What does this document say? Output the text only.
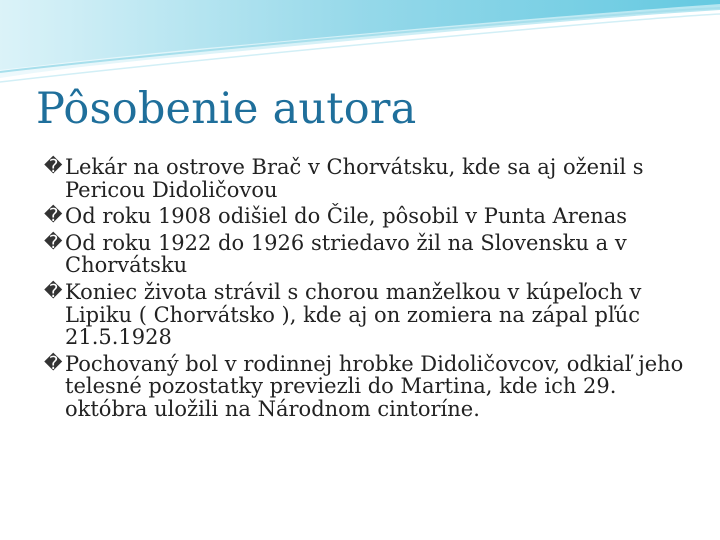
Pôsobenie autora
� Lekár na ostrove Brač v Chorvátsku, kde sa aj oženil s Pericou Didoličovou
� Od roku 1908 odišiel do Čile, pôsobil v Punta Arenas
� Od roku 1922 do 1926 striedavo žil na Slovensku a v Chorvátsku
� Koniec života strávil s chorou manželkou v kúpeľoch v Lipiku ( Chorvátsko ), kde aj on zomiera na zápal pľúc 21.5.1928
� Pochovaný bol v rodinnej hrobke Didoličovcov, odkiaľ jeho telesné pozostatky previezli do Martina, kde ich 29. októbra uložili na Národnom cintoríne.
